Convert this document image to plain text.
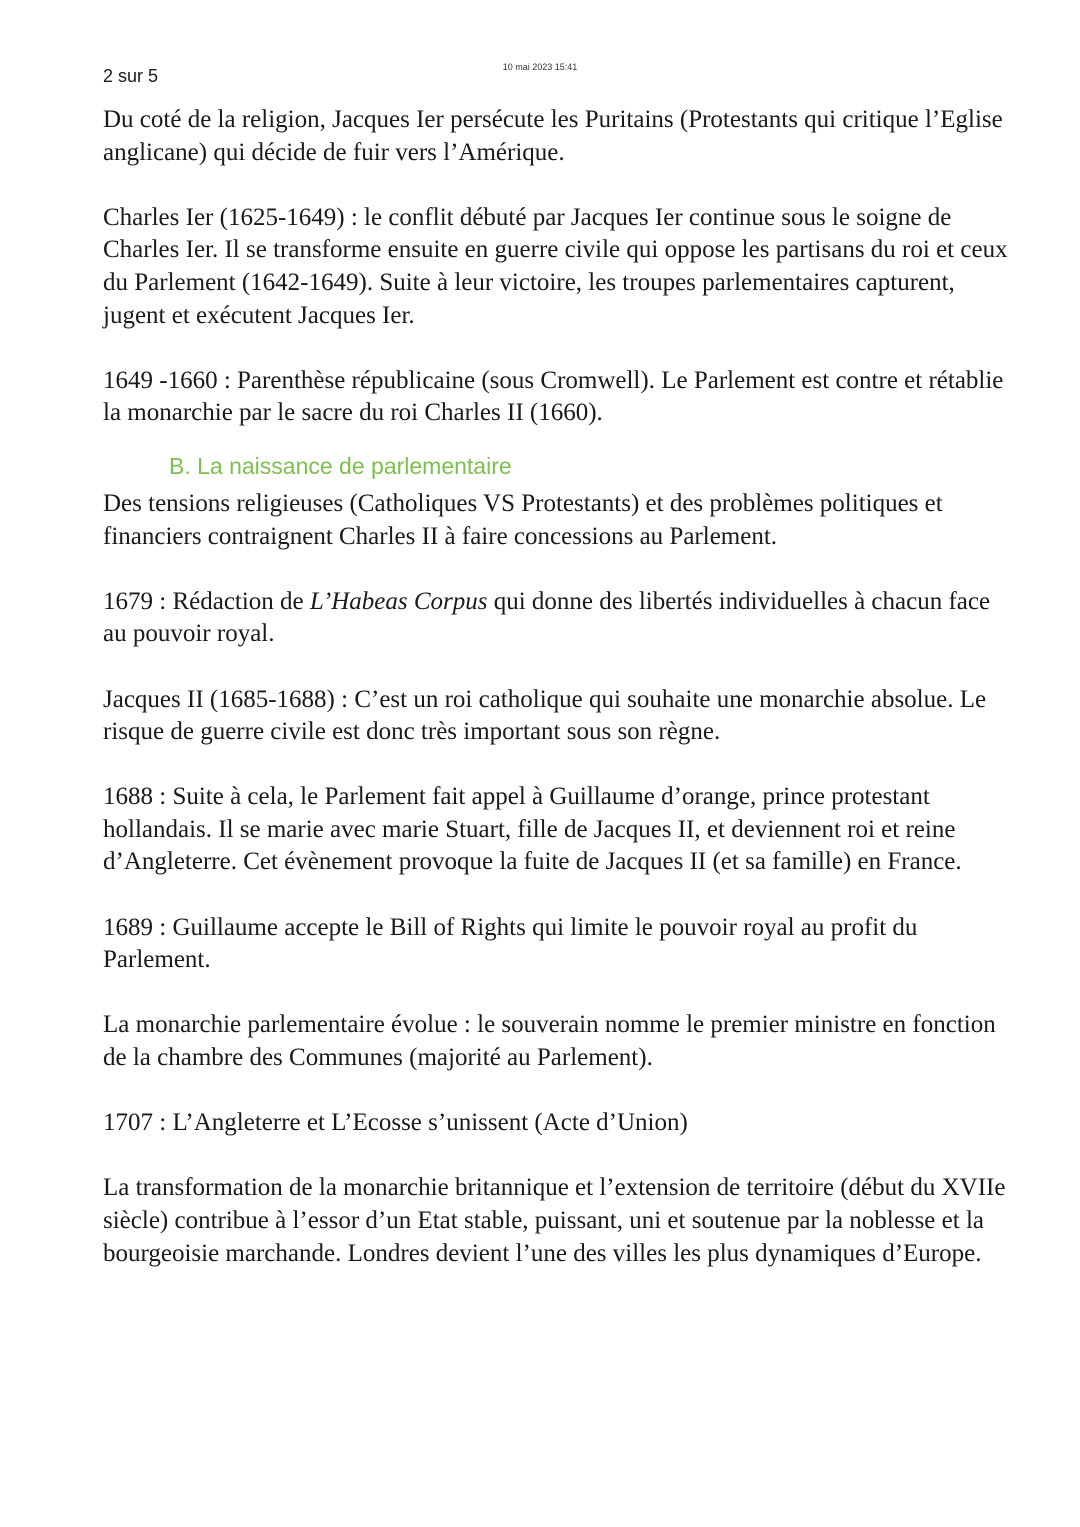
2 sur 5	10 mai 2023 15:41

Du coté de la religion, Jacques Ier persécute les Puritains (Protestants qui critique l’Eglise anglicane) qui décide de fuir vers l’Amérique.

Charles Ier (1625-1649) : le conflit débuté par Jacques Ier continue sous le soigne de Charles Ier. Il se transforme ensuite en guerre civile qui oppose les partisans du roi et ceux du Parlement (1642-1649). Suite à leur victoire, les troupes parlementaires capturent, jugent et exécutent Jacques Ier.

1649 -1660 : Parenthèse républicaine (sous Cromwell). Le Parlement est contre et rétablie la monarchie par le sacre du roi Charles II (1660).

B. La naissance de parlementaire

Des tensions religieuses (Catholiques VS Protestants) et des problèmes politiques et financiers contraignent Charles II à faire concessions au Parlement.

1679 : Rédaction de L’Habeas Corpus qui donne des libertés individuelles à chacun face au pouvoir royal.

Jacques II (1685-1688) : C’est un roi catholique qui souhaite une monarchie absolue. Le risque de guerre civile est donc très important sous son règne.

1688 : Suite à cela, le Parlement fait appel à Guillaume d’orange, prince protestant hollandais. Il se marie avec marie Stuart, fille de Jacques II, et deviennent roi et reine d’Angleterre. Cet évènement provoque la fuite de Jacques II (et sa famille) en France.

1689 : Guillaume accepte le Bill of Rights qui limite le pouvoir royal au profit du Parlement.

La monarchie parlementaire évolue : le souverain nomme le premier ministre en fonction de la chambre des Communes (majorité au Parlement).

1707 : L’Angleterre et L’Ecosse s’unissent (Acte d’Union)

La transformation de la monarchie britannique et l’extension de territoire (début du XVIIe siècle) contribue à l’essor d’un Etat stable, puissant, uni et soutenue par la noblesse et la bourgeoisie marchande. Londres devient l’une des villes les plus dynamiques d’Europe.
